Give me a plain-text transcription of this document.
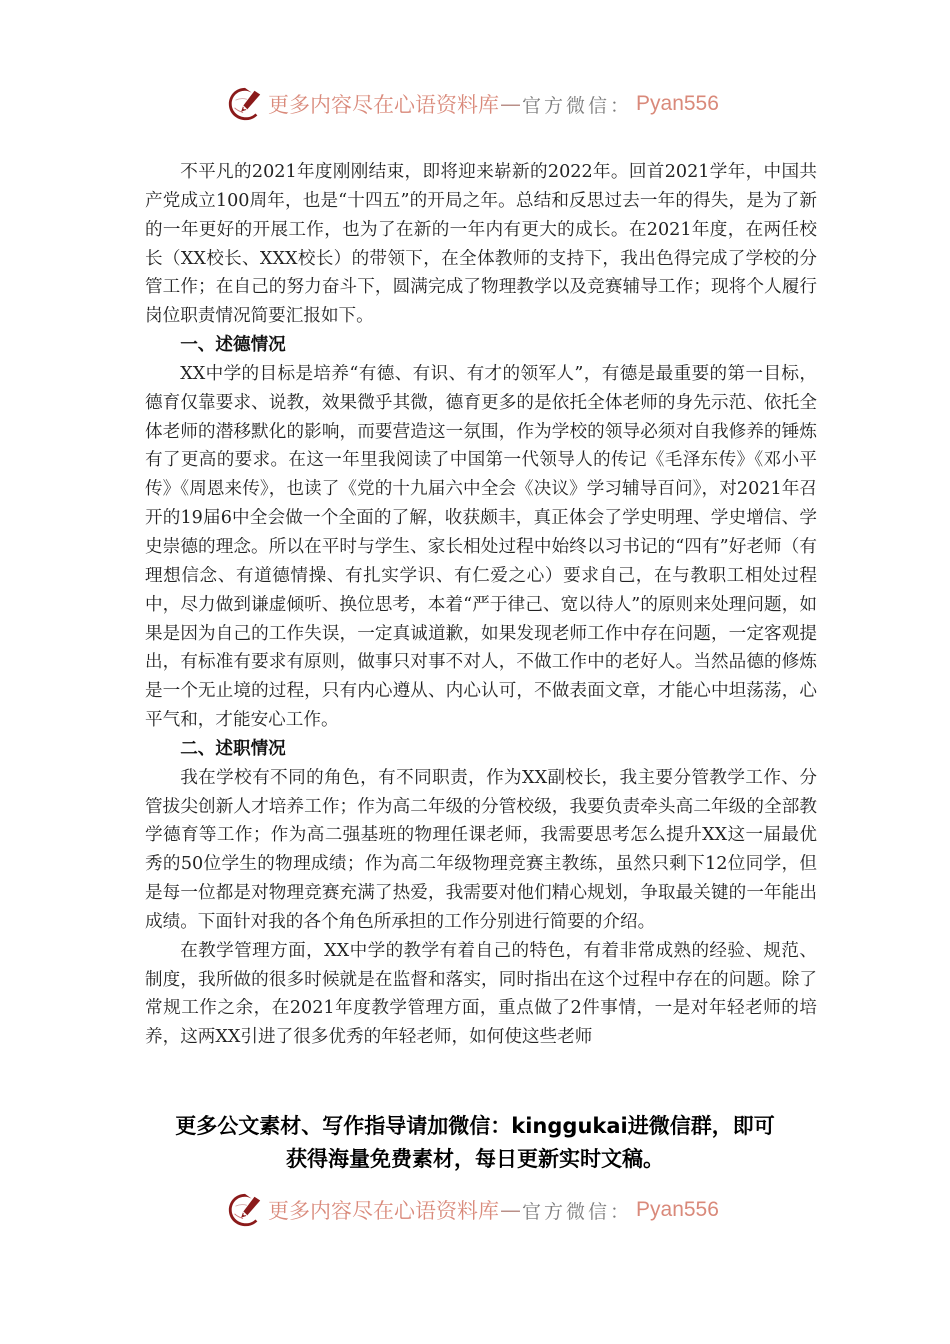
更多内容尽在心语资料库 — 官方微信： Pyan556

不平凡的2021年度刚刚结束，即将迎来崭新的2022年。回首2021学年，中国共产党成立100周年，也是“十四五”的开局之年。总结和反思过去一年的得失，是为了新的一年更好的开展工作，也为了在新的一年内有更大的成长。在2021年度，在两任校长（XX校长、XXX校长）的带领下，在全体教师的支持下，我出色得完成了学校的分管工作；在自己的努力奋斗下，圆满完成了物理教学以及竞赛辅导工作；现将个人履行岗位职责情况简要汇报如下。

一、述德情况

XX中学的目标是培养“有德、有识、有才的领军人”，有德是最重要的第一目标，德育仅靠要求、说教，效果微乎其微，德育更多的是依托全体老师的身先示范、依托全体老师的潜移默化的影响，而要营造这一氛围，作为学校的领导必须对自我修养的锤炼有了更高的要求。在这一年里我阅读了中国第一代领导人的传记《毛泽东传》《邓小平传》《周恩来传》，也读了《党的十九届六中全会《决议》学习辅导百问》，对2021年召开的19届6中全会做一个全面的了解，收获颇丰，真正体会了学史明理、学史增信、学史崇德的理念。所以在平时与学生、家长相处过程中始终以习书记的“四有”好老师（有理想信念、有道德情操、有扎实学识、有仁爱之心）要求自己，在与教职工相处过程中，尽力做到谦虚倾听、换位思考，本着“严于律己、宽以待人”的原则来处理问题，如果是因为自己的工作失误，一定真诚道歉，如果发现老师工作中存在问题，一定客观提出，有标准有要求有原则，做事只对事不对人，不做工作中的老好人。当然品德的修炼是一个无止境的过程，只有内心遵从、内心认可，不做表面文章，才能心中坦荡荡，心平气和，才能安心工作。

二、述职情况

我在学校有不同的角色，有不同职责，作为XX副校长，我主要分管教学工作、分管拔尖创新人才培养工作；作为高二年级的分管校级，我要负责牵头高二年级的全部教学德育等工作；作为高二强基班的物理任课老师，我需要思考怎么提升XX这一届最优秀的50位学生的物理成绩；作为高二年级物理竞赛主教练，虽然只剩下12位同学，但是每一位都是对物理竞赛充满了热爱，我需要对他们精心规划，争取最关键的一年能出成绩。下面针对我的各个角色所承担的工作分别进行简要的介绍。

在教学管理方面，XX中学的教学有着自己的特色，有着非常成熟的经验、规范、制度，我所做的很多时候就是在监督和落实，同时指出在这个过程中存在的问题。除了常规工作之余，在2021年度教学管理方面，重点做了2件事情，一是对年轻老师的培养，这两XX引进了很多优秀的年轻老师，如何使这些老师

更多公文素材、写作指导请加微信：kinggukai进微信群，即可
获得海量免费素材，每日更新实时文稿。
更多内容尽在心语资料库 — 官方微信： Pyan556
